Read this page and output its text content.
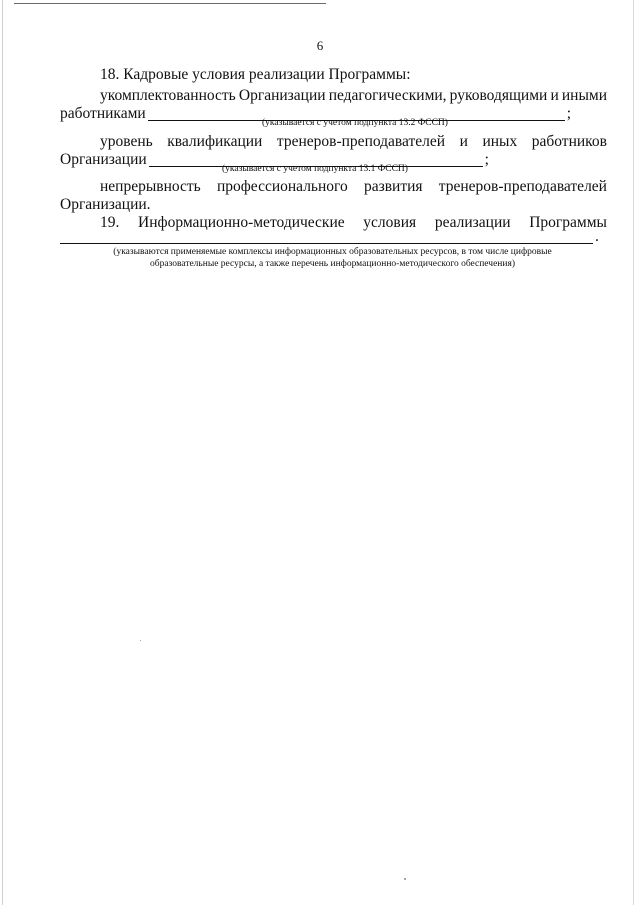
6
18. Кадровые условия реализации Программы:
укомплектованность Организации педагогическими, руководящими и иными
работниками	;
(указывается с учетом подпункта 13.2 ФССП)
уровень квалификации тренеров-преподавателей и иных работников
Организации	;
(указывается с учетом подпункта 13.1 ФССП)
непрерывность профессионального развития тренеров-преподавателей
Организации.
19. Информационно-методические условия реализации Программы
.
(указываются применяемые комплексы информационных образовательных ресурсов, в том числе цифровые
образовательные ресурсы, а также перечень информационно-методического обеспечения)
